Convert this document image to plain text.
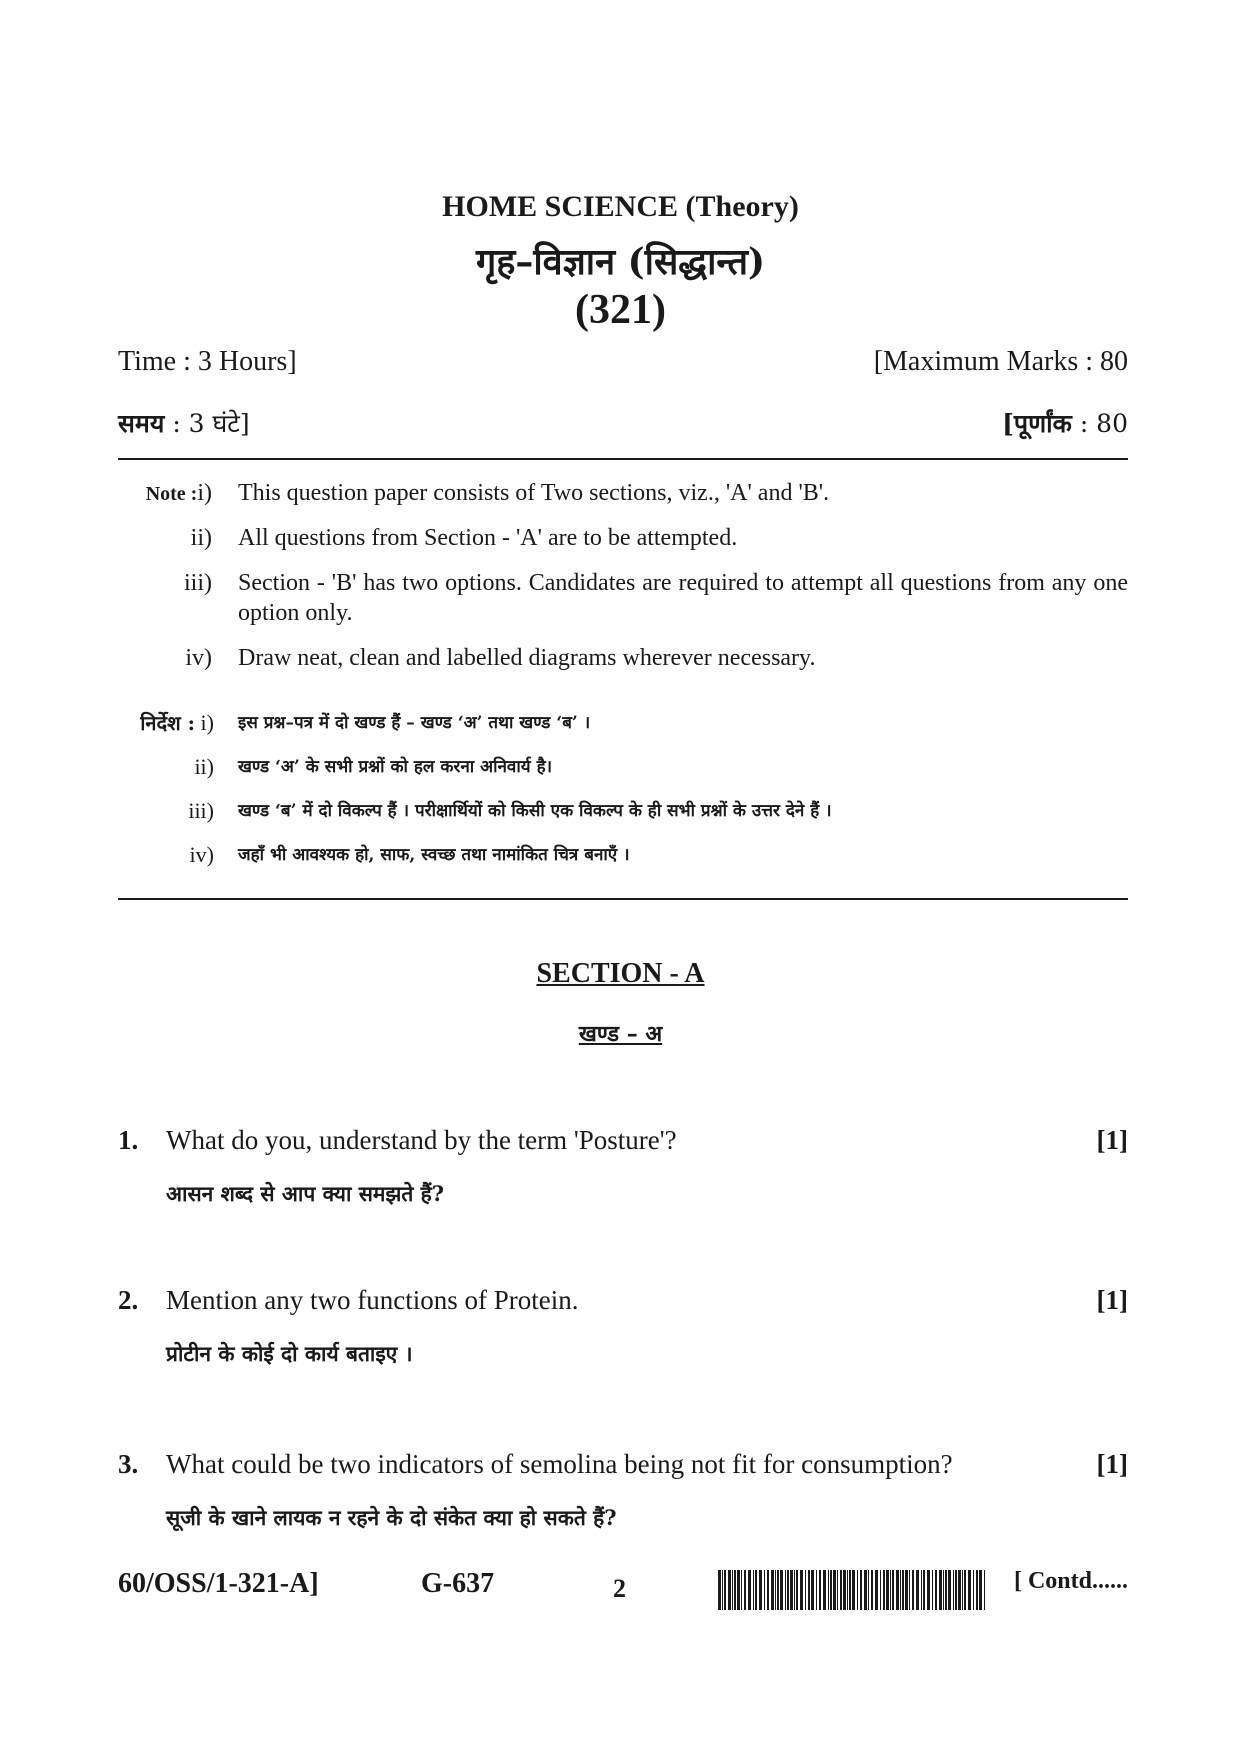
HOME SCIENCE (Theory)
गृह–विज्ञान (सिद्धान्त)
(321)
Time : 3 Hours]	[Maximum Marks : 80
समय : 3 घंटे]	[पूर्णांक : 80
Note :i) This question paper consists of Two sections, viz., 'A' and 'B'.
ii) All questions from Section - 'A' are to be attempted.
iii) Section - 'B' has two options. Candidates are required to attempt all questions from any one option only.
iv) Draw neat, clean and labelled diagrams wherever necessary.
निर्देश : i) इस प्रश्न–पत्र में दो खण्ड हैं – खण्ड ‘अ’ तथा खण्ड ‘ब’ ।
ii) खण्ड ‘अ’ के सभी प्रश्नों को हल करना अनिवार्य है।
iii) खण्ड ‘ब’ में दो विकल्प हैं । परीक्षार्थियों को किसी एक विकल्प के ही सभी प्रश्नों के उत्तर देने हैं ।
iv) जहाँ भी आवश्यक हो, साफ, स्वच्छ तथा नामांकित चित्र बनाएँ ।
SECTION - A
खण्ड – अ
1. What do you, understand by the term 'Posture'?	[1]
आसन शब्द से आप क्या समझते हैं?
2. Mention any two functions of Protein.	[1]
प्रोटीन के कोई दो कार्य बताइए ।
3. What could be two indicators of semolina being not fit for consumption?	[1]
सूजी के खाने लायक न रहने के दो संकेत क्या हो सकते हैं?
60/OSS/1-321-A]	G-637	2	[ Contd......
